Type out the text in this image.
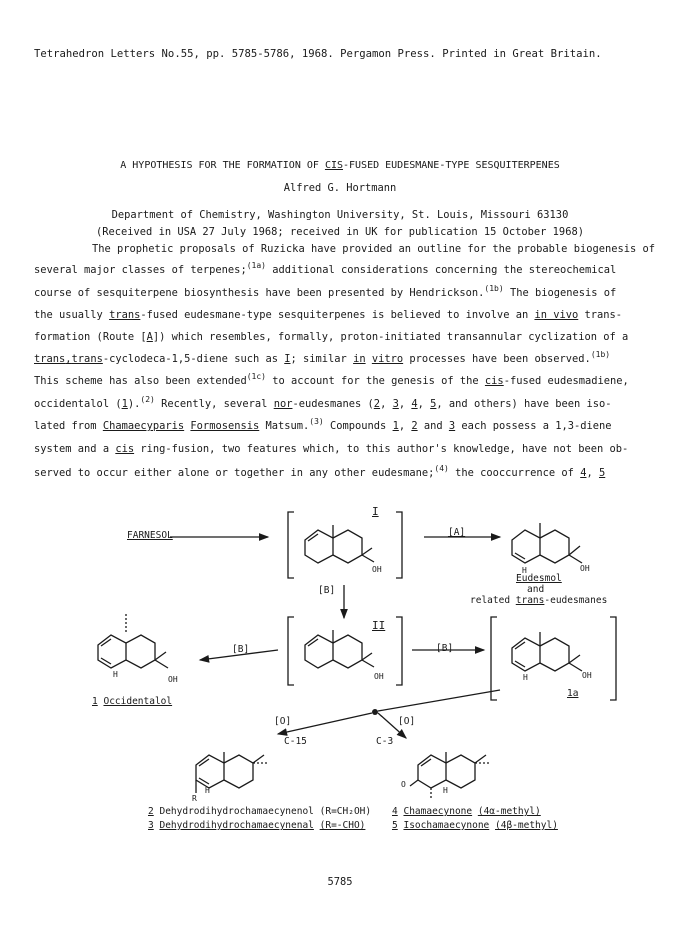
Tetrahedron Letters No.55, pp. 5785-5786, 1968. Pergamon Press. Printed in Great Britain.
A HYPOTHESIS FOR THE FORMATION OF CIS-FUSED EUDESMANE-TYPE SESQUITERPENES
Alfred G. Hortmann
Department of Chemistry, Washington University, St. Louis, Missouri 63130
(Received in USA 27 July 1968; received in UK for publication 15 October 1968)
The prophetic proposals of Ruzicka have provided an outline for the probable biogenesis of
several major classes of terpenes;$^{(1a)}$ additional considerations concerning the stereochemical
course of sesquiterpene biosynthesis have been presented by Hendrickson.$^{(1b)}$ The biogenesis of
the usually trans-fused eudesmane-type sesquiterpenes is believed to involve an in vivo trans-
formation (Route [A]) which resembles, formally, proton-initiated transannular cyclization of a
trans,trans-cyclodeca-1,5-diene such as I; similar in vitro processes have been observed.$^{(1b)}$
This scheme has also been extended$^{(1c)}$ to account for the genesis of the cis-fused eudesmadiene,
occidentalol (1).$^{(2)}$ Recently, several nor-eudesmanes (2, 3, 4, 5, and others) have been iso-
lated from Chamaecyparis Formosensis Matsum.$^{(3)}$ Compounds 1, 2 and 3 each possess a 1,3-diene
system and a cis ring-fusion, two features which, to this author's knowledge, have not been ob-
served to occur either alone or together in any other eudesmane;$^{(4)}$ the cooccurrence of 4, 5
FARNESOL
I
OH
[A]
H	OH
Eudesmol
and
related trans-eudesmanes
[B]
II
OH
[B]	[B]
H
OH
1 Occidentalol
H	OH
1a
[O]
C-15
[O]
C-3
H
R
O
H
2 Dehydrodihydrochamaecynenol (R=CH₂OH)
3 Dehydrodihydrochamaecynenal (R=-CHO)
4 Chamaecynone (4α-methyl)
5 Isochamaecynone (4β-methyl)
5785
